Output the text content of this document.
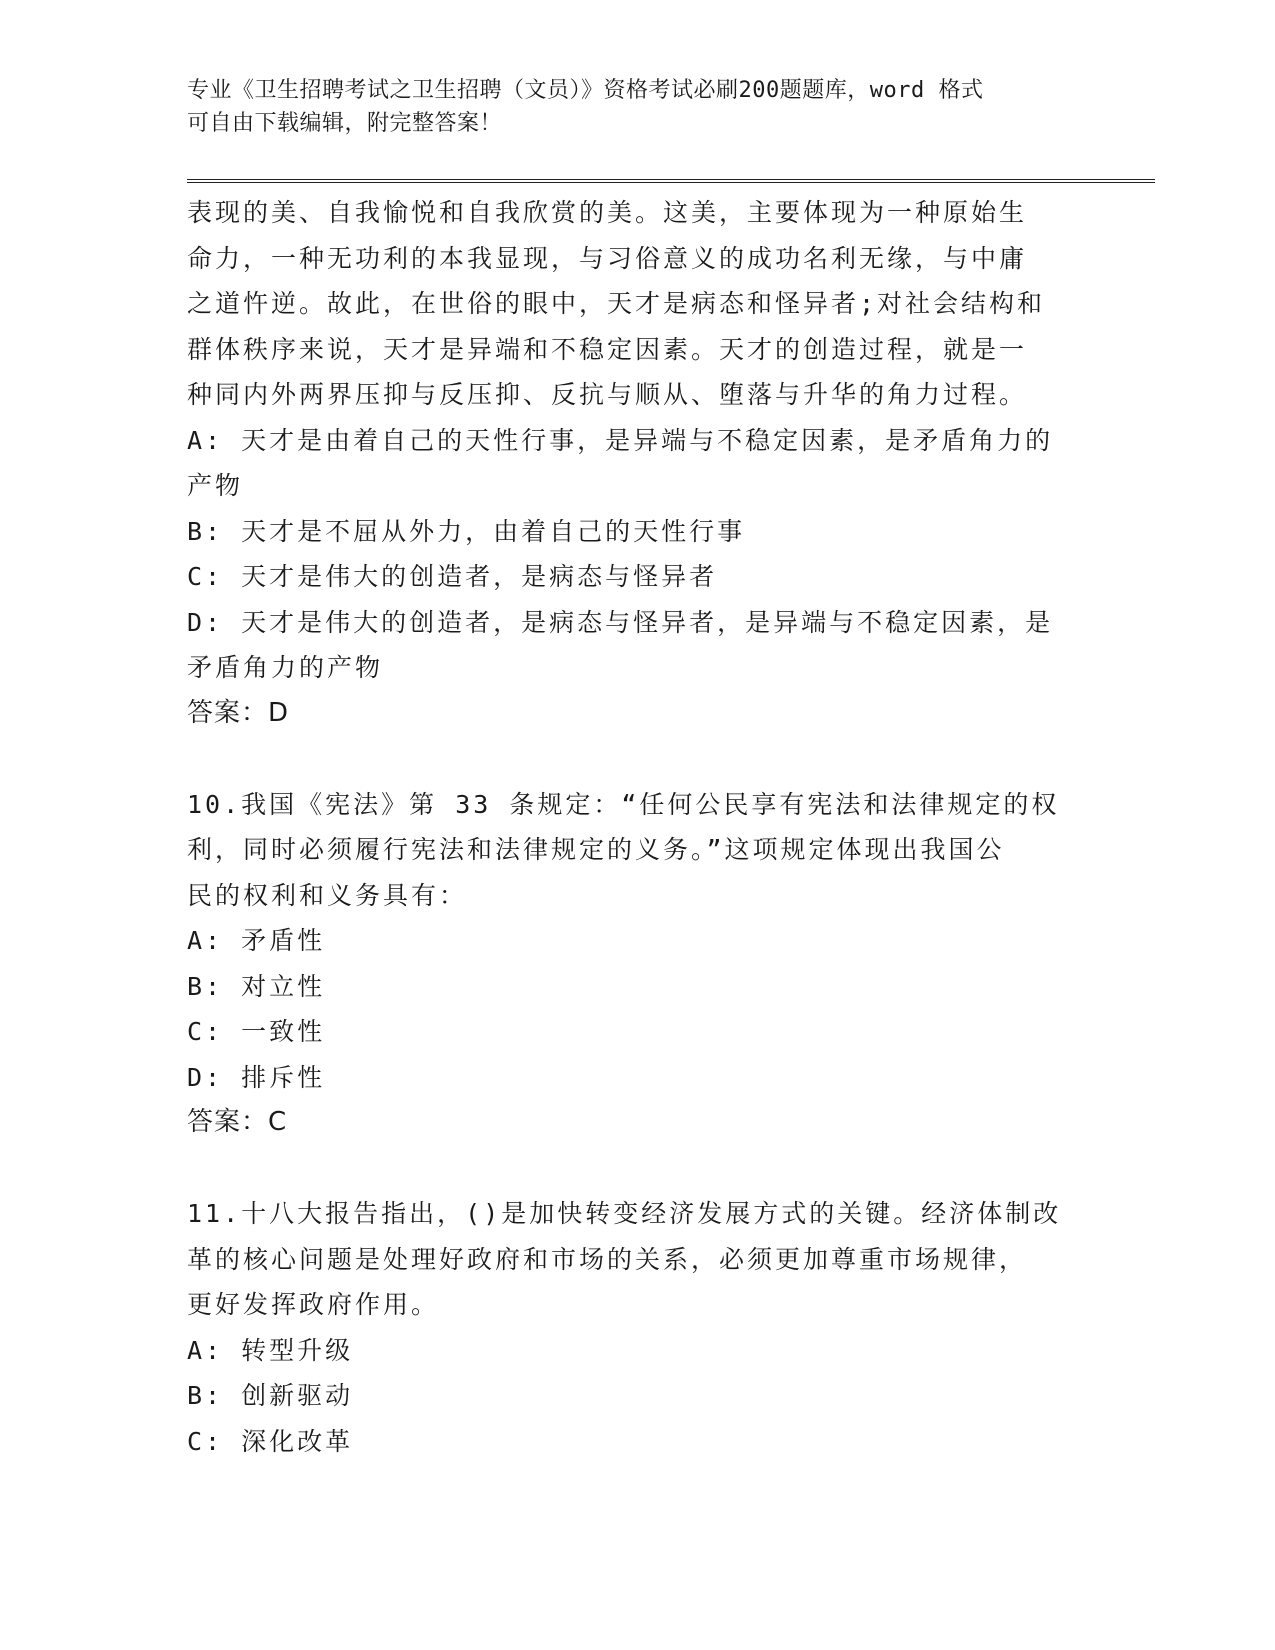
专业《卫生招聘考试之卫生招聘（文员）》资格考试必刷200题题库，word 格式
可自由下载编辑，附完整答案！
表现的美、自我愉悦和自我欣赏的美。这美，主要体现为一种原始生
命力，一种无功利的本我显现，与习俗意义的成功名利无缘，与中庸
之道忤逆。故此，在世俗的眼中，天才是病态和怪异者;对社会结构和
群体秩序来说，天才是异端和不稳定因素。天才的创造过程，就是一
种同内外两界压抑与反压抑、反抗与顺从、堕落与升华的角力过程。
A: 天才是由着自己的天性行事，是异端与不稳定因素，是矛盾角力的
产物
B: 天才是不屈从外力，由着自己的天性行事
C: 天才是伟大的创造者，是病态与怪异者
D: 天才是伟大的创造者，是病态与怪异者，是异端与不稳定因素，是
矛盾角力的产物
答案：D
10.我国《宪法》第 33 条规定：“任何公民享有宪法和法律规定的权
利，同时必须履行宪法和法律规定的义务。”这项规定体现出我国公
民的权利和义务具有：
A: 矛盾性
B: 对立性
C: 一致性
D: 排斥性
答案：C
11.十八大报告指出，()是加快转变经济发展方式的关键。经济体制改
革的核心问题是处理好政府和市场的关系，必须更加尊重市场规律，
更好发挥政府作用。
A: 转型升级
B: 创新驱动
C: 深化改革
